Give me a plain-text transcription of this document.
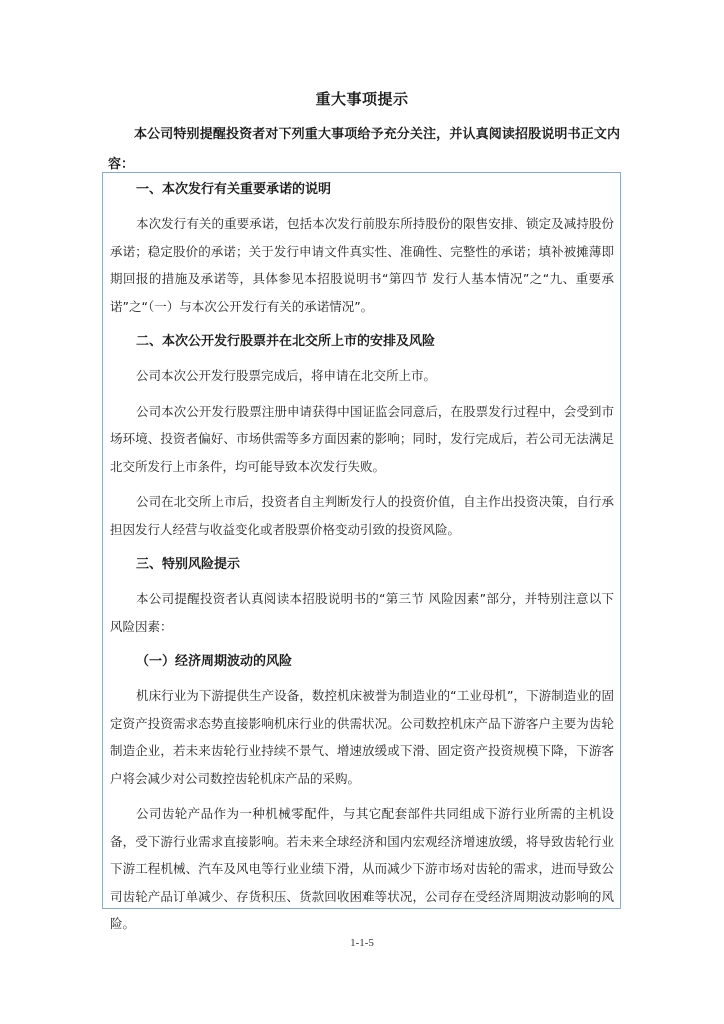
重大事项提示

本公司特别提醒投资者对下列重大事项给予充分关注，并认真阅读招股说明书正文内容：

一、本次发行有关重要承诺的说明

本次发行有关的重要承诺，包括本次发行前股东所持股份的限售安排、锁定及减持股份承诺；稳定股价的承诺；关于发行申请文件真实性、准确性、完整性的承诺；填补被摊薄即期回报的措施及承诺等，具体参见本招股说明书“第四节 发行人基本情况”之“九、重要承诺”之“（一）与本次公开发行有关的承诺情况”。

二、本次公开发行股票并在北交所上市的安排及风险

公司本次公开发行股票完成后，将申请在北交所上市。

公司本次公开发行股票注册申请获得中国证监会同意后，在股票发行过程中，会受到市场环境、投资者偏好、市场供需等多方面因素的影响；同时，发行完成后，若公司无法满足北交所发行上市条件，均可能导致本次发行失败。

公司在北交所上市后，投资者自主判断发行人的投资价值，自主作出投资决策，自行承担因发行人经营与收益变化或者股票价格变动引致的投资风险。

三、特别风险提示

本公司提醒投资者认真阅读本招股说明书的“第三节 风险因素”部分，并特别注意以下风险因素：

（一）经济周期波动的风险

机床行业为下游提供生产设备，数控机床被誉为制造业的“工业母机”，下游制造业的固定资产投资需求态势直接影响机床行业的供需状况。公司数控机床产品下游客户主要为齿轮制造企业，若未来齿轮行业持续不景气、增速放缓或下滑、固定资产投资规模下降，下游客户将会减少对公司数控齿轮机床产品的采购。

公司齿轮产品作为一种机械零配件，与其它配套部件共同组成下游行业所需的主机设备，受下游行业需求直接影响。若未来全球经济和国内宏观经济增速放缓，将导致齿轮行业下游工程机械、汽车及风电等行业业绩下滑，从而减少下游市场对齿轮的需求，进而导致公司齿轮产品订单减少、存货积压、货款回收困难等状况，公司存在受经济周期波动影响的风险。

1-1-5
